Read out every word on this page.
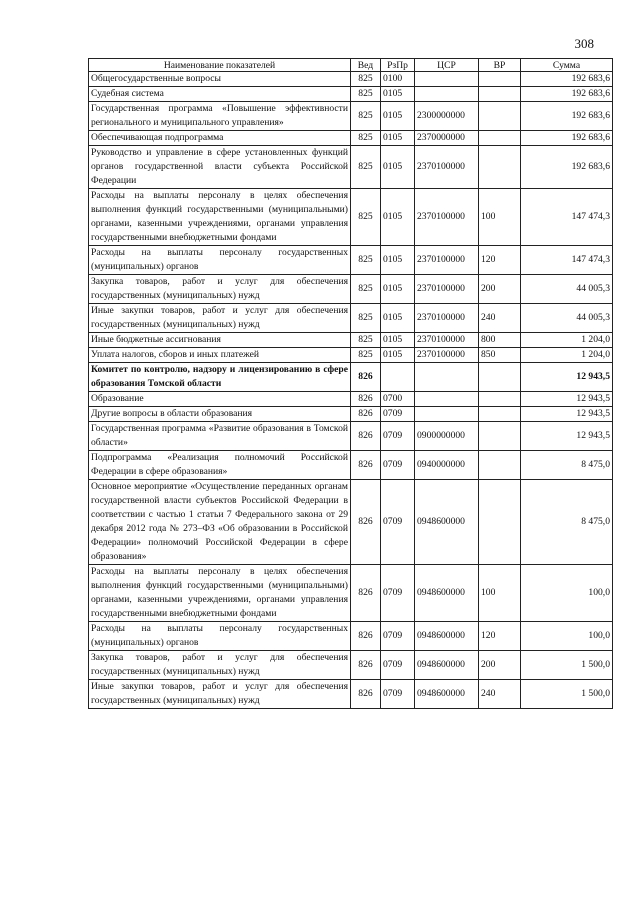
308
Наименование показателей	Вед	РзПр	ЦСР	ВР	Сумма
Общегосударственные вопросы	825	0100			192 683,6
Судебная система	825	0105			192 683,6
Государственная программа «Повышение эффективности регионального и муниципального управления»	825	0105	2300000000		192 683,6
Обеспечивающая подпрограмма	825	0105	2370000000		192 683,6
Руководство и управление в сфере установленных функций органов государственной власти субъекта Российской Федерации	825	0105	2370100000		192 683,6
Расходы на выплаты персоналу в целях обеспечения выполнения функций государственными (муниципальными) органами, казенными учреждениями, органами управления государственными внебюджетными фондами	825	0105	2370100000	100	147 474,3
Расходы на выплаты персоналу государственных (муниципальных) органов	825	0105	2370100000	120	147 474,3
Закупка товаров, работ и услуг для обеспечения государственных (муниципальных) нужд	825	0105	2370100000	200	44 005,3
Иные закупки товаров, работ и услуг для обеспечения государственных (муниципальных) нужд	825	0105	2370100000	240	44 005,3
Иные бюджетные ассигнования	825	0105	2370100000	800	1 204,0
Уплата налогов, сборов и иных платежей	825	0105	2370100000	850	1 204,0
Комитет по контролю, надзору и лицензированию в сфере образования Томской области	826				12 943,5
Образование	826	0700			12 943,5
Другие вопросы в области образования	826	0709			12 943,5
Государственная программа «Развитие образования в Томской области»	826	0709	0900000000		12 943,5
Подпрограмма «Реализация полномочий Российской Федерации в сфере образования»	826	0709	0940000000		8 475,0
Основное мероприятие «Осуществление переданных органам государственной власти субъектов Российской Федерации в соответствии с частью 1 статьи 7 Федерального закона от 29 декабря 2012 года № 273–ФЗ «Об образовании в Российской Федерации» полномочий Российской Федерации в сфере образования»	826	0709	0948600000		8 475,0
Расходы на выплаты персоналу в целях обеспечения выполнения функций государственными (муниципальными) органами, казенными учреждениями, органами управления государственными внебюджетными фондами	826	0709	0948600000	100	100,0
Расходы на выплаты персоналу государственных (муниципальных) органов	826	0709	0948600000	120	100,0
Закупка товаров, работ и услуг для обеспечения государственных (муниципальных) нужд	826	0709	0948600000	200	1 500,0
Иные закупки товаров, работ и услуг для обеспечения государственных (муниципальных) нужд	826	0709	0948600000	240	1 500,0
